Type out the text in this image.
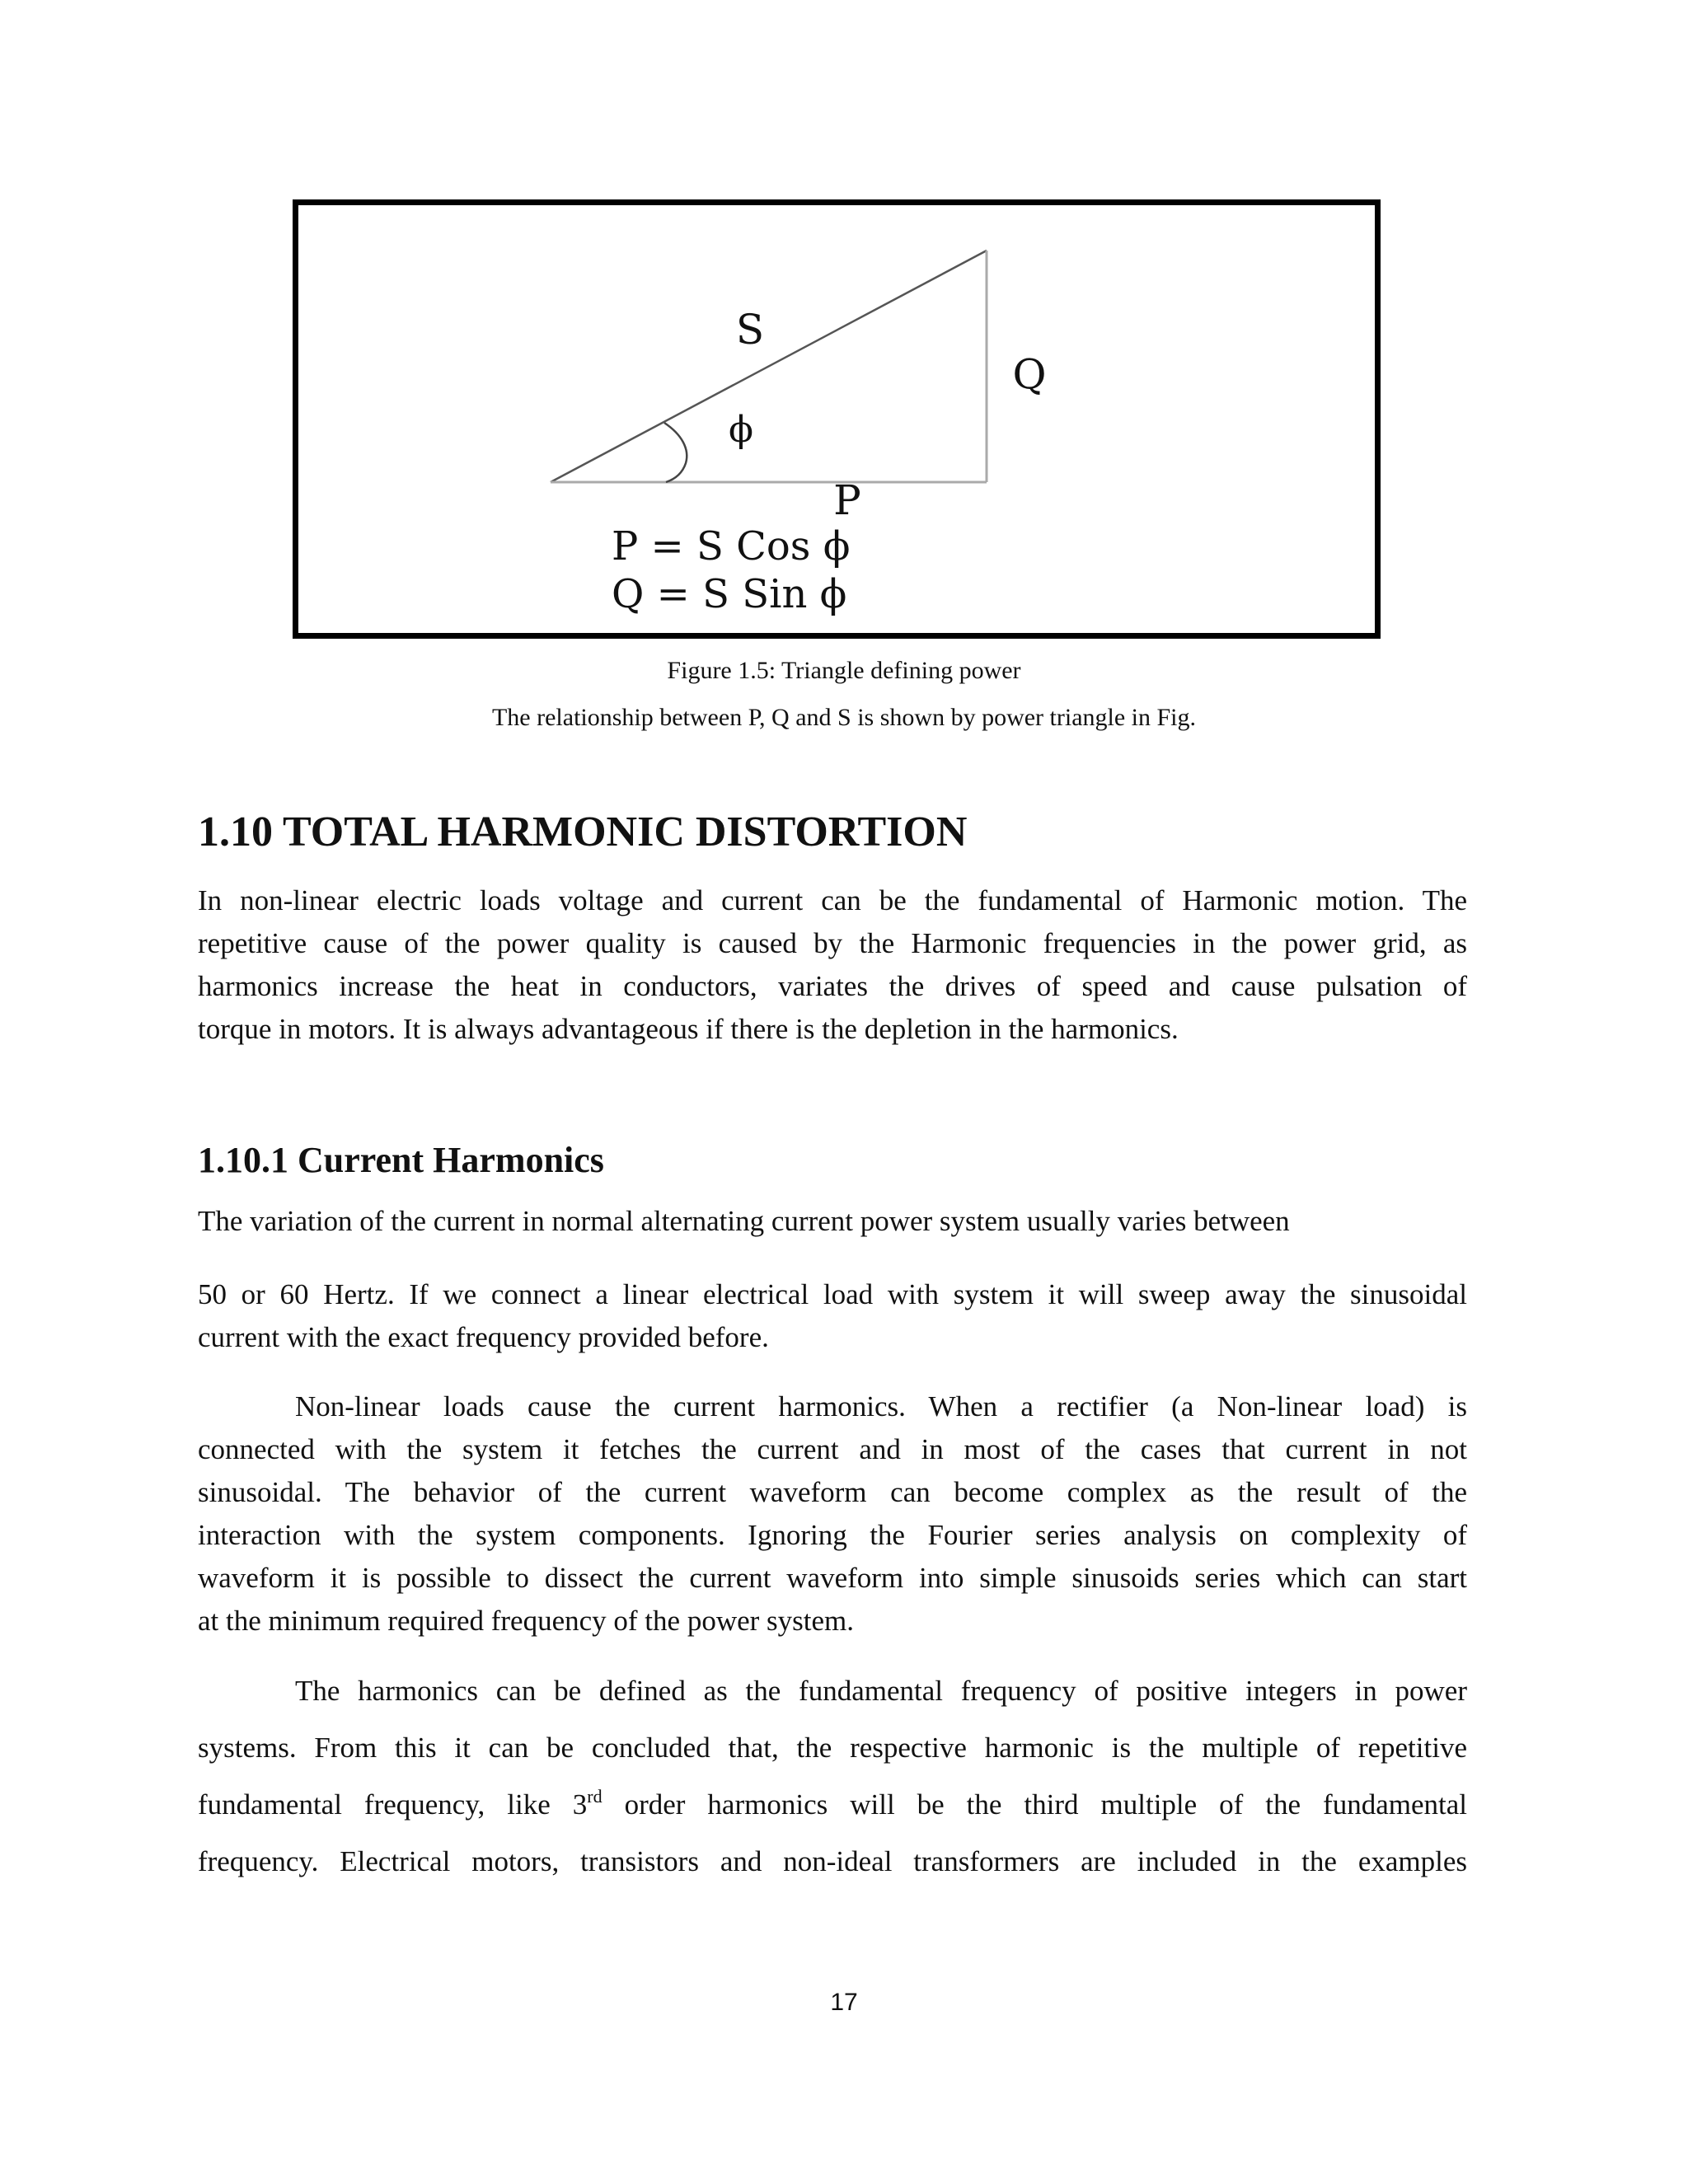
S
Q
ϕ
P
P = S Cos ϕ
Q = S Sin ϕ
Figure 1.5: Triangle defining power
The relationship between P, Q and S is shown by power triangle in Fig.
1.10 TOTAL HARMONIC DISTORTION
In non-linear electric loads voltage and current can be the fundamental of Harmonic motion. The
repetitive cause of the power quality is caused by the Harmonic frequencies in the power grid, as
harmonics increase the heat in conductors, variates the drives of speed and cause pulsation of
torque in motors. It is always advantageous if there is the depletion in the harmonics.
1.10.1 Current Harmonics
The variation of the current in normal alternating current power system usually varies between
50 or 60 Hertz. If we connect a linear electrical load with system it will sweep away the sinusoidal
current with the exact frequency provided before.
Non-linear loads cause the current harmonics. When a rectifier (a Non-linear load) is
connected with the system it fetches the current and in most of the cases that current in not
sinusoidal. The behavior of the current waveform can become complex as the result of the
interaction with the system components. Ignoring the Fourier series analysis on complexity of
waveform it is possible to dissect the current waveform into simple sinusoids series which can start
at the minimum required frequency of the power system.
The harmonics can be defined as the fundamental frequency of positive integers in power
systems. From this it can be concluded that, the respective harmonic is the multiple of repetitive
fundamental frequency, like 3rd order harmonics will be the third multiple of the fundamental
frequency. Electrical motors, transistors and non-ideal transformers are included in the examples
17
